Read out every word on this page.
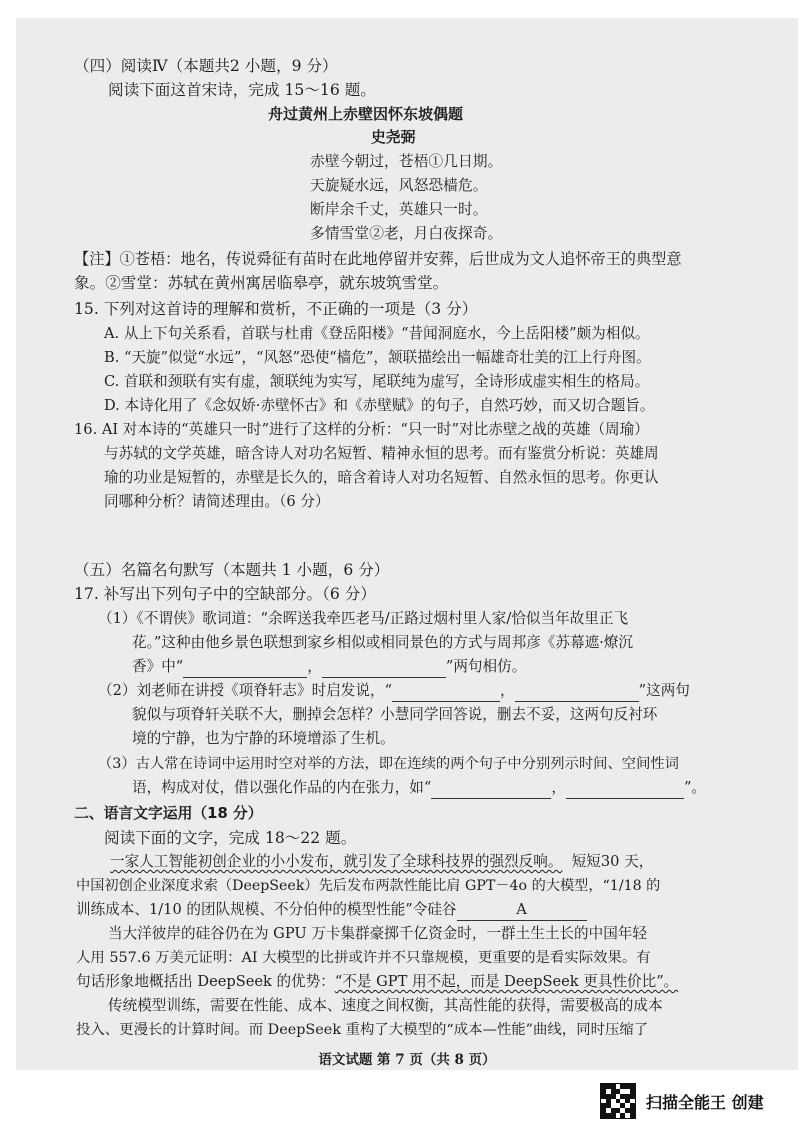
（四）阅读Ⅳ（本题共2 小题，9 分）
阅读下面这首宋诗，完成 15～16 题。
舟过黄州上赤壁因怀东坡偶题
史尧弼
赤壁今朝过，苍梧①几日期。
天旋疑水远，风怒恐樯危。
断岸余千丈，英雄只一时。
多情雪堂②老，月白夜探奇。
【注】①苍梧：地名，传说舜征有苗时在此地停留并安葬，后世成为文人追怀帝王的典型意
象。②雪堂：苏轼在黄州寓居临皋亭，就东坡筑雪堂。
15. 下列对这首诗的理解和赏析，不正确的一项是（3 分）
A. 从上下句关系看，首联与杜甫《登岳阳楼》“昔闻洞庭水，今上岳阳楼”颇为相似。
B. “天旋”似觉“水远”，“风怒”恐使“樯危”，颔联描绘出一幅雄奇壮美的江上行舟图。
C. 首联和颈联有实有虚，颔联纯为实写，尾联纯为虚写，全诗形成虚实相生的格局。
D. 本诗化用了《念奴娇·赤壁怀古》和《赤壁赋》的句子，自然巧妙，而又切合题旨。
16. AI 对本诗的“英雄只一时”进行了这样的分析：“只一时”对比赤壁之战的英雄（周瑜）
与苏轼的文学英雄，暗含诗人对功名短暂、精神永恒的思考。而有鉴赏分析说：英雄周
瑜的功业是短暂的，赤壁是长久的，暗含着诗人对功名短暂、自然永恒的思考。你更认
同哪种分析？请简述理由。（6 分）
（五）名篇名句默写（本题共 1 小题，6 分）
17. 补写出下列句子中的空缺部分。（6 分）
（1）《不谓侠》歌词道：“余晖送我牵匹老马/正路过烟村里人家/恰似当年故里正飞
花。”这种由他乡景色联想到家乡相似或相同景色的方式与周邦彦《苏幕遮·燎沉
香》中“	，	”两句相仿。
（2）刘老师在讲授《项脊轩志》时启发说，“	，	”这两句
貌似与项脊轩关联不大，删掉会怎样？小慧同学回答说，删去不妥，这两句反衬环
境的宁静，也为宁静的环境增添了生机。
（3）古人常在诗词中运用时空对举的方法，即在连续的两个句子中分别列示时间、空间性词
语，构成对仗，借以强化作品的内在张力，如“	，	”。
二、语言文字运用（18 分）
阅读下面的文字，完成 18～22 题。
一家人工智能初创企业的小小发布，就引发了全球科技界的强烈反响。 短短30 天，
中国初创企业深度求索（DeepSeek）先后发布两款性能比肩 GPT－4o 的大模型，“1/18 的
训练成本、1/10 的团队规模、不分伯仲的模型性能”令硅谷	A
当大洋彼岸的硅谷仍在为 GPU 万卡集群豪掷千亿资金时，一群土生土长的中国年轻
人用 557.6 万美元证明：AI 大模型的比拼或许并不只靠规模，更重要的是看实际效果。有
句话形象地概括出 DeepSeek 的优势：“不是 GPT 用不起，而是 DeepSeek 更具性价比”。
传统模型训练，需要在性能、成本、速度之间权衡，其高性能的获得，需要极高的成本
投入、更漫长的计算时间。而 DeepSeek 重构了大模型的“成本—性能”曲线，同时压缩了
语文试题 第 7 页（共 8 页）
扫描全能王 创建
